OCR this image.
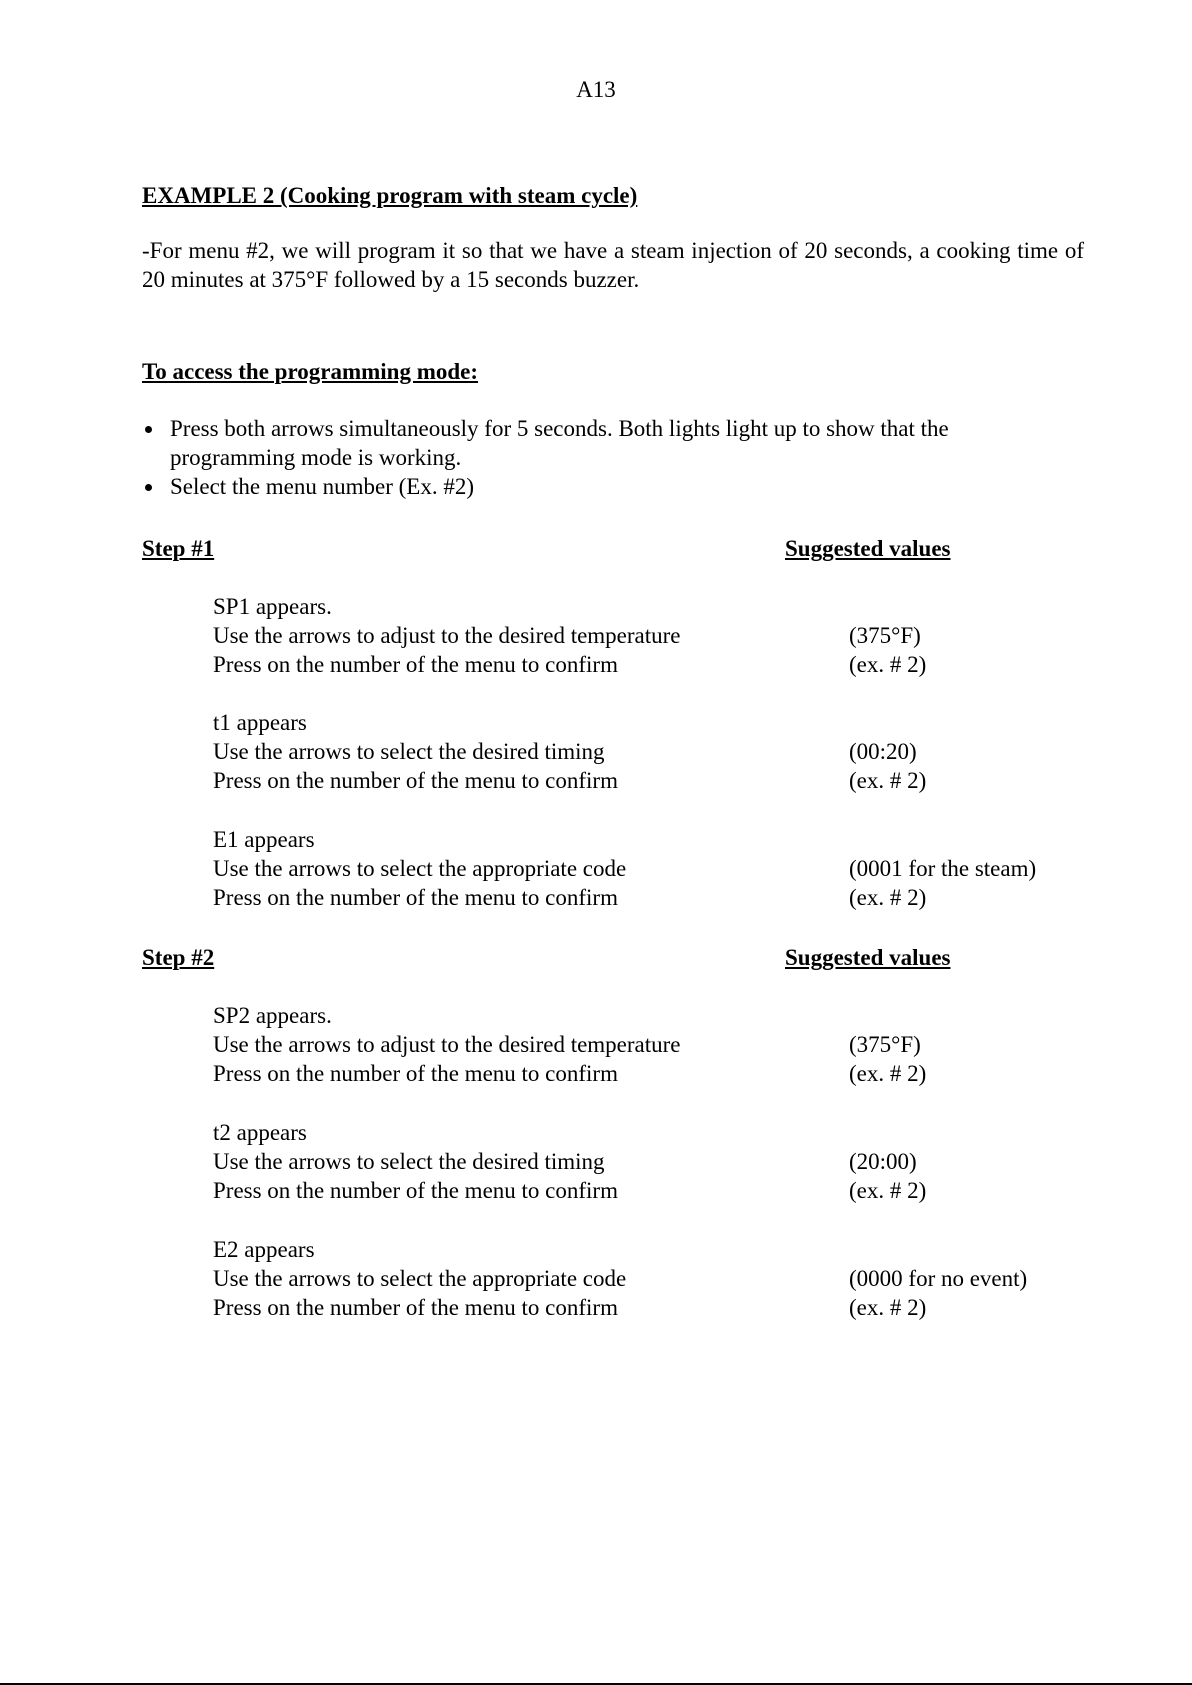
A13
EXAMPLE 2 (Cooking program with steam cycle)
-For menu #2, we will program it so that we have a steam injection of 20 seconds, a cooking time of 20 minutes at 375°F followed by a 15 seconds buzzer.
To access the programming mode:
Press both arrows simultaneously for 5 seconds. Both lights light up to show that the
programming mode is working.
Select the menu number (Ex. #2)
Step #1	Suggested values
SP1 appears.
Use the arrows to adjust to the desired temperature	(375°F)
Press on the number of the menu to confirm	(ex. # 2)
t1 appears
Use the arrows to select the desired timing	(00:20)
Press on the number of the menu to confirm	(ex. # 2)
E1 appears
Use the arrows to select the appropriate code	(0001 for the steam)
Press on the number of the menu to confirm	(ex. # 2)
Step #2	Suggested values
SP2 appears.
Use the arrows to adjust to the desired temperature	(375°F)
Press on the number of the menu to confirm	(ex. # 2)
t2 appears
Use the arrows to select the desired timing	(20:00)
Press on the number of the menu to confirm	(ex. # 2)
E2 appears
Use the arrows to select the appropriate code	(0000 for no event)
Press on the number of the menu to confirm	(ex. # 2)
